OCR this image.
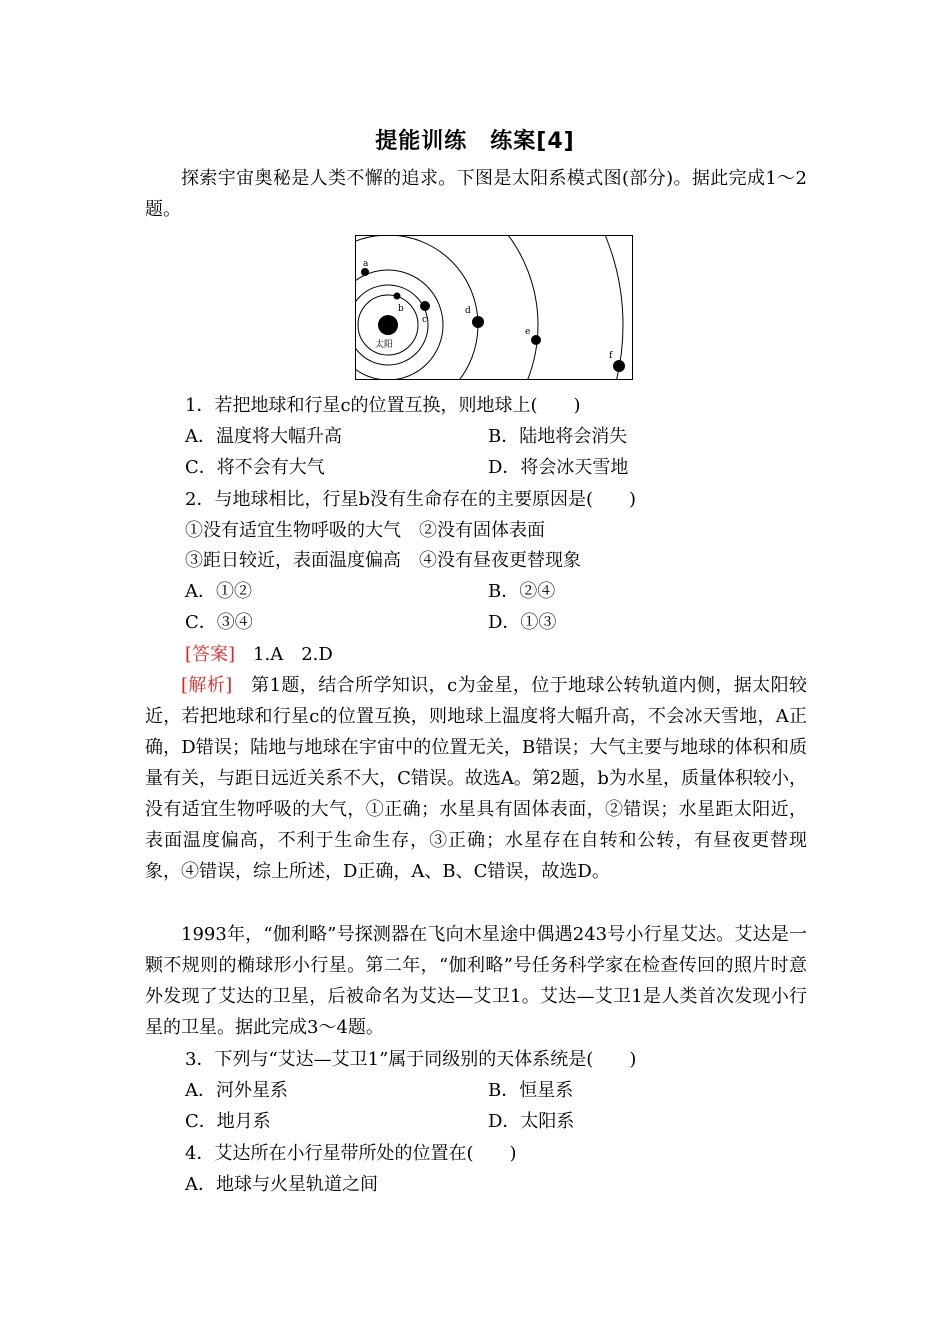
提能训练　练案[4]

探索宇宙奥秘是人类不懈的追求。下图是太阳系模式图(部分)。据此完成1～2题。

太阳
a
b
c
d
e
f
1．若把地球和行星c的位置互换，则地球上(　　)
A．温度将大幅升高	B．陆地将会消失
C．将不会有大气	D．将会冰天雪地
2．与地球相比，行星b没有生命存在的主要原因是(　　)
①没有适宜生物呼吸的大气　②没有固体表面
③距日较近，表面温度偏高　④没有昼夜更替现象
A．①②	B．②④
C．③④	D．①③
[答案]　1.A　2.D

[解析]　第1题，结合所学知识，c为金星，位于地球公转轨道内侧，据太阳较近，若把地球和行星c的位置互换，则地球上温度将大幅升高，不会冰天雪地，A正确，D错误；陆地与地球在宇宙中的位置无关，B错误；大气主要与地球的体积和质量有关，与距日远近关系不大，C错误。故选A。第2题，b为水星，质量体积较小，没有适宜生物呼吸的大气，①正确；水星具有固体表面，②错误；水星距太阳近，表面温度偏高，不利于生命生存，③正确；水星存在自转和公转，有昼夜更替现象，④错误，综上所述，D正确，A、B、C错误，故选D。

1993年，“伽利略”号探测器在飞向木星途中偶遇243号小行星艾达。艾达是一颗不规则的椭球形小行星。第二年，“伽利略”号任务科学家在检查传回的照片时意外发现了艾达的卫星，后被命名为艾达—艾卫1。艾达—艾卫1是人类首次发现小行星的卫星。据此完成3～4题。

3．下列与“艾达—艾卫1”属于同级别的天体系统是(　　)
A．河外星系	B．恒星系
C．地月系	D．太阳系
4．艾达所在小行星带所处的位置在(　　)
A．地球与火星轨道之间
